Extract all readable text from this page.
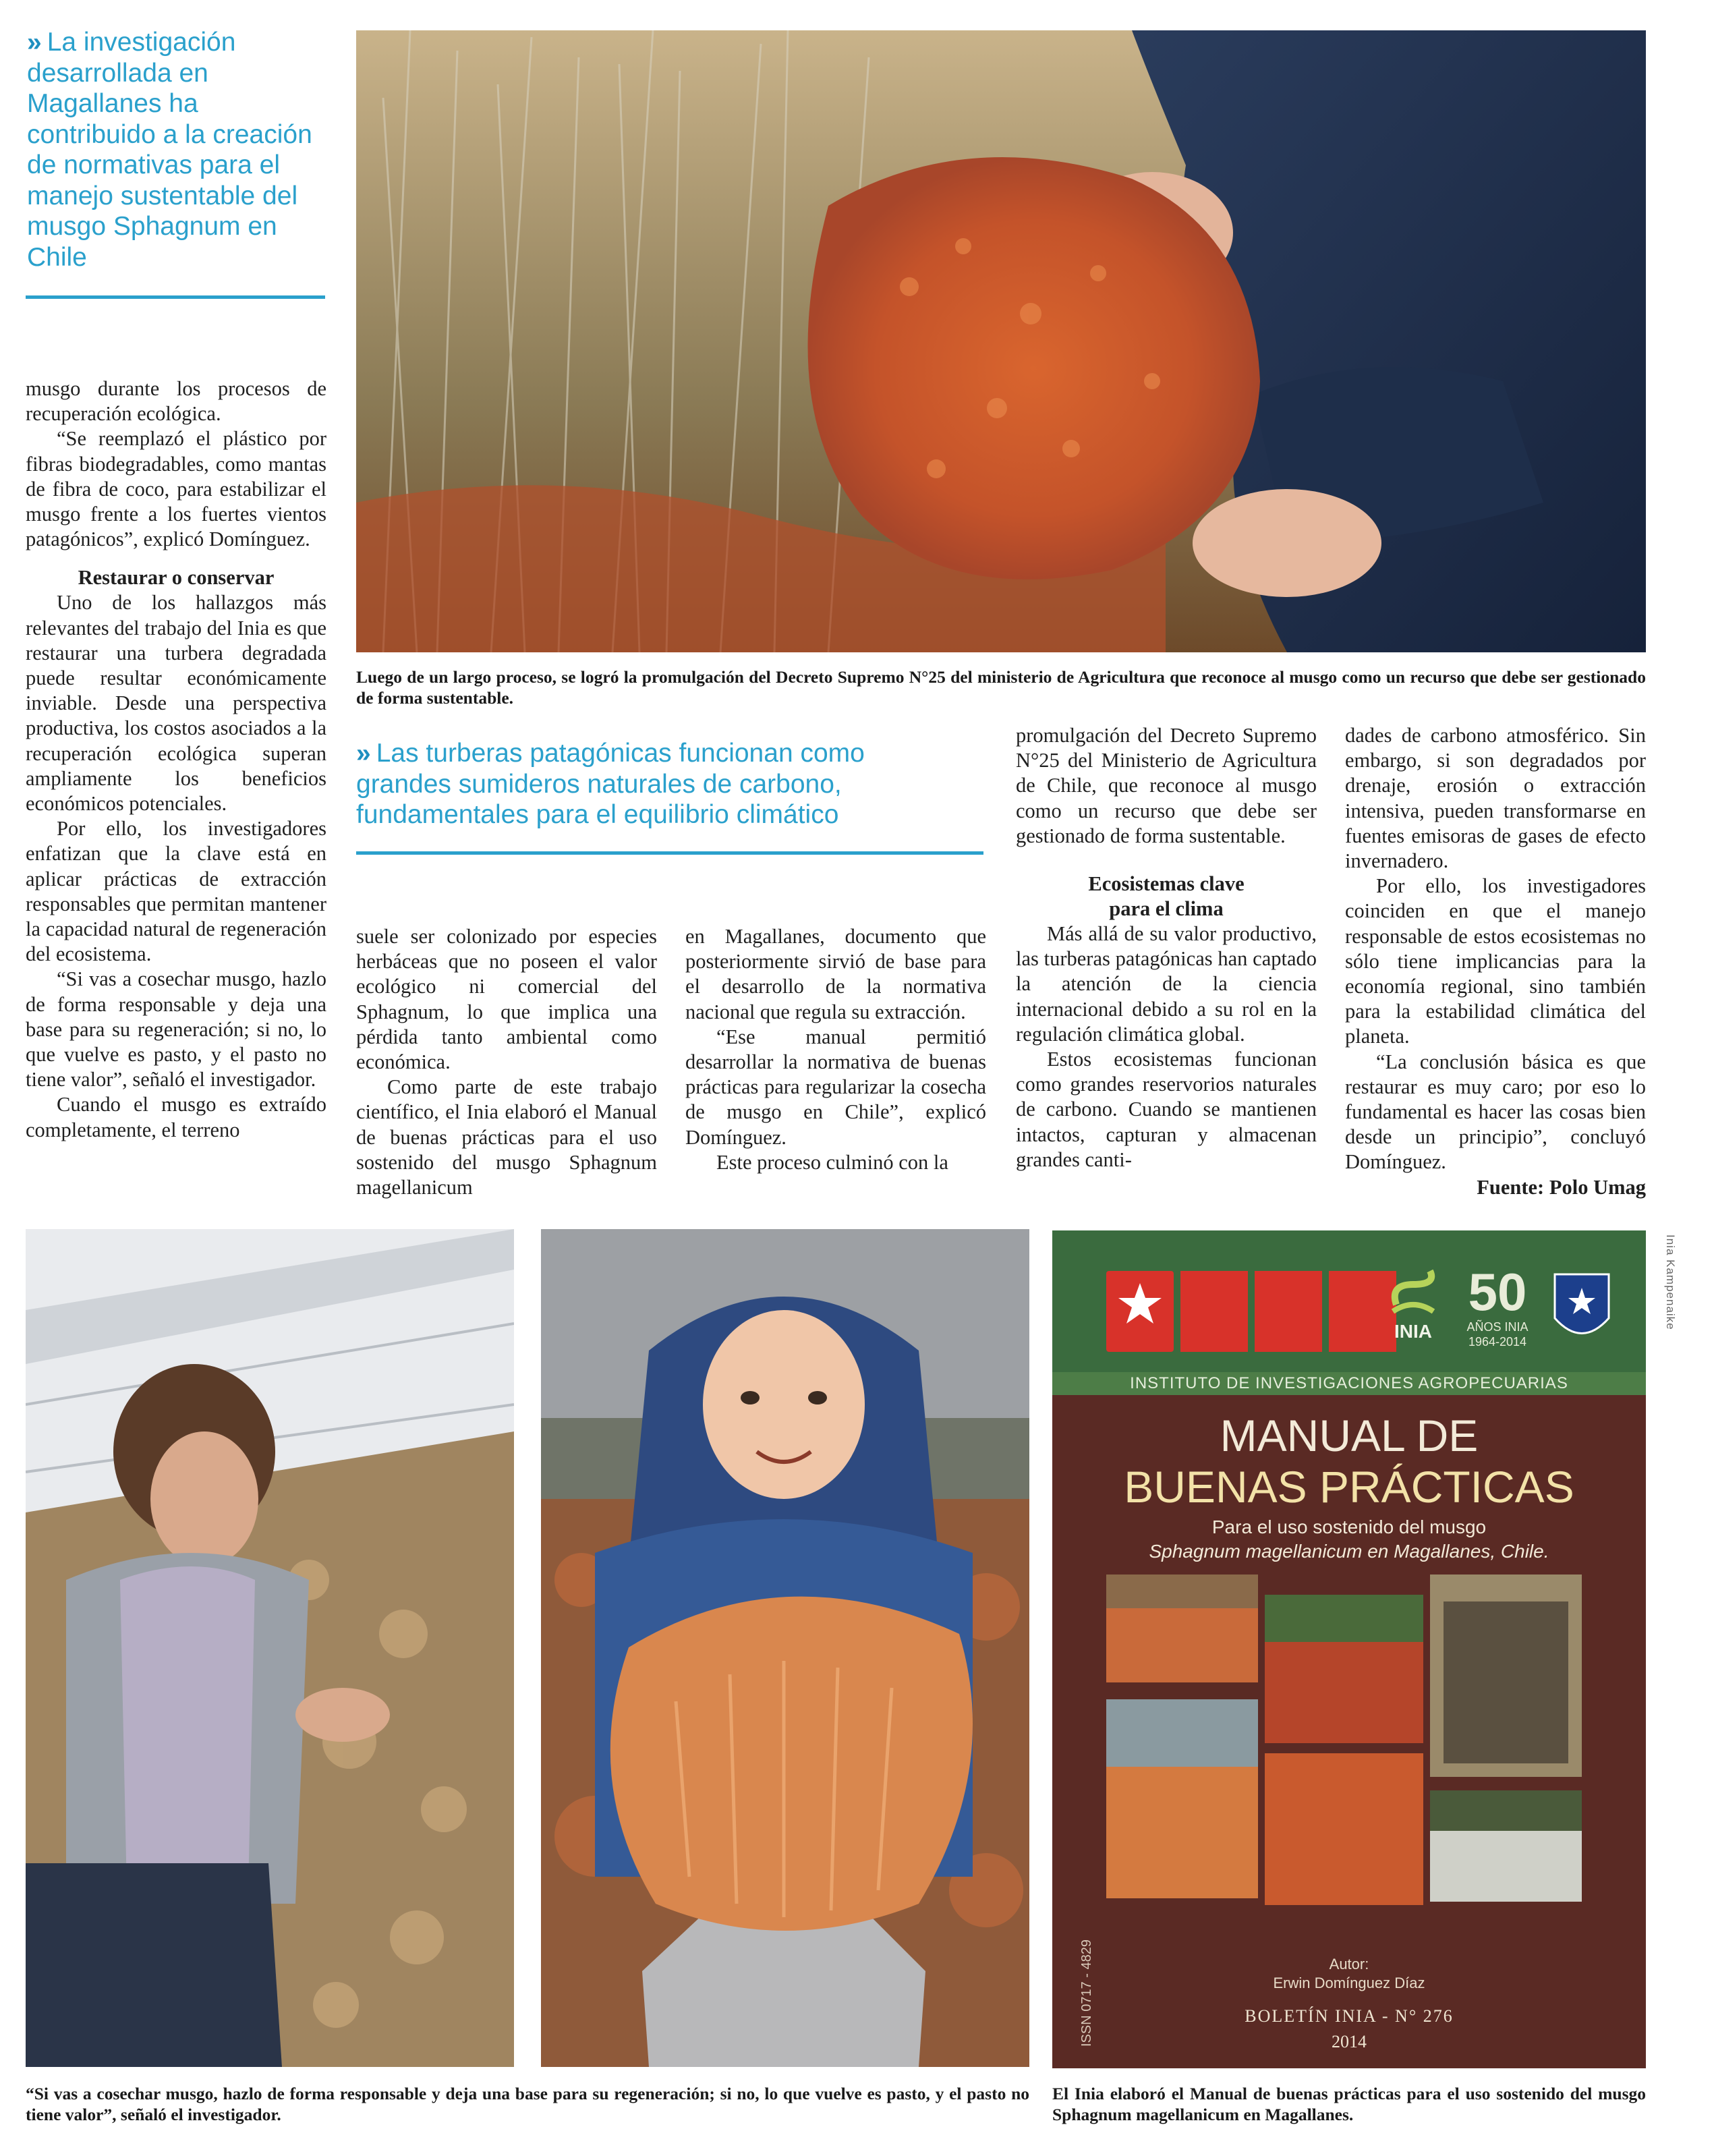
» La investigación desarrollada en Magallanes ha contribuido a la creación de normativas para el manejo sustentable del musgo Sphagnum en Chile
Luego de un largo proceso, se logró la promulgación del Decreto Supremo N°25 del ministerio de Agricultura que reconoce al musgo como un recurso que debe ser gestionado de forma sustentable.

musgo durante los procesos de recuperación ecológica.

“Se reemplazó el plástico por fibras biodegradables, como mantas de fibra de coco, para estabilizar el musgo frente a los fuertes vientos patagónicos”, explicó Domínguez.

Restaurar o conservar

Uno de los hallazgos más relevantes del trabajo del Inia es que restaurar una turbera degradada puede resultar económicamente inviable. Desde una perspectiva productiva, los costos asociados a la recuperación ecológica superan ampliamente los beneficios económicos potenciales.

Por ello, los investigadores enfatizan que la clave está en aplicar prácticas de extracción responsables que permitan mantener la capacidad natural de regeneración del ecosistema.

“Si vas a cosechar musgo, hazlo de forma responsable y deja una base para su regeneración; si no, lo que vuelve es pasto, y el pasto no tiene valor”, señaló el investigador.

Cuando el musgo es extraído completamente, el terreno

» Las turberas patagónicas funcionan como grandes sumideros naturales de carbono, fundamentales para el equilibrio climático

suele ser colonizado por especies herbáceas que no poseen el valor ecológico ni comercial del Sphagnum, lo que implica una pérdida tanto ambiental como económica.

Como parte de este trabajo científico, el Inia elaboró el Manual de buenas prácticas para el uso sostenido del musgo Sphagnum magellanicum

en Magallanes, documento que posteriormente sirvió de base para el desarrollo de la normativa nacional que regula su extracción.

“Ese manual permitió desarrollar la normativa de buenas prácticas para regularizar la cosecha de musgo en Chile”, explicó Domínguez.

Este proceso culminó con la

promulgación del Decreto Supremo N°25 del Ministerio de Agricultura de Chile, que reconoce al musgo como un recurso que debe ser gestionado de forma sustentable.

Ecosistemas clave
para el clima

Más allá de su valor productivo, las turberas patagónicas han captado la atención de la ciencia internacional debido a su rol en la regulación climática global.

Estos ecosistemas funcionan como grandes reservorios naturales de carbono. Cuando se mantienen intactos, capturan y almacenan grandes canti-

dades de carbono atmosférico. Sin embargo, si son degradados por drenaje, erosión o extracción intensiva, pueden transformarse en fuentes emisoras de gases de efecto invernadero.

Por ello, los investigadores coinciden en que el manejo responsable de estos ecosistemas no sólo tiene implicancias para la economía regional, sino también para la estabilidad climática del planeta.

“La conclusión básica es que restaurar es muy caro; por eso lo fundamental es hacer las cosas bien desde un principio”, concluyó Domínguez.

Fuente: Polo Umag

INIA
50
AÑOS INIA
1964-2014
INSTITUTO DE INVESTIGACIONES AGROPECUARIAS
MANUAL DE
BUENAS PRÁCTICAS
Para el uso sostenido del musgo
Sphagnum magellanicum en Magallanes, Chile.
Autor:
Erwin Domínguez Díaz
BOLETÍN INIA - N° 276
2014
ISSN 0717 - 4829
Inia Kampenaike
“Si vas a cosechar musgo, hazlo de forma responsable y deja una base para su regeneración; si no, lo que vuelve es pasto, y el pasto no tiene valor”, señaló el investigador.
El Inia elaboró el Manual de buenas prácticas para el uso sostenido del musgo Sphagnum magellanicum en Magallanes.
